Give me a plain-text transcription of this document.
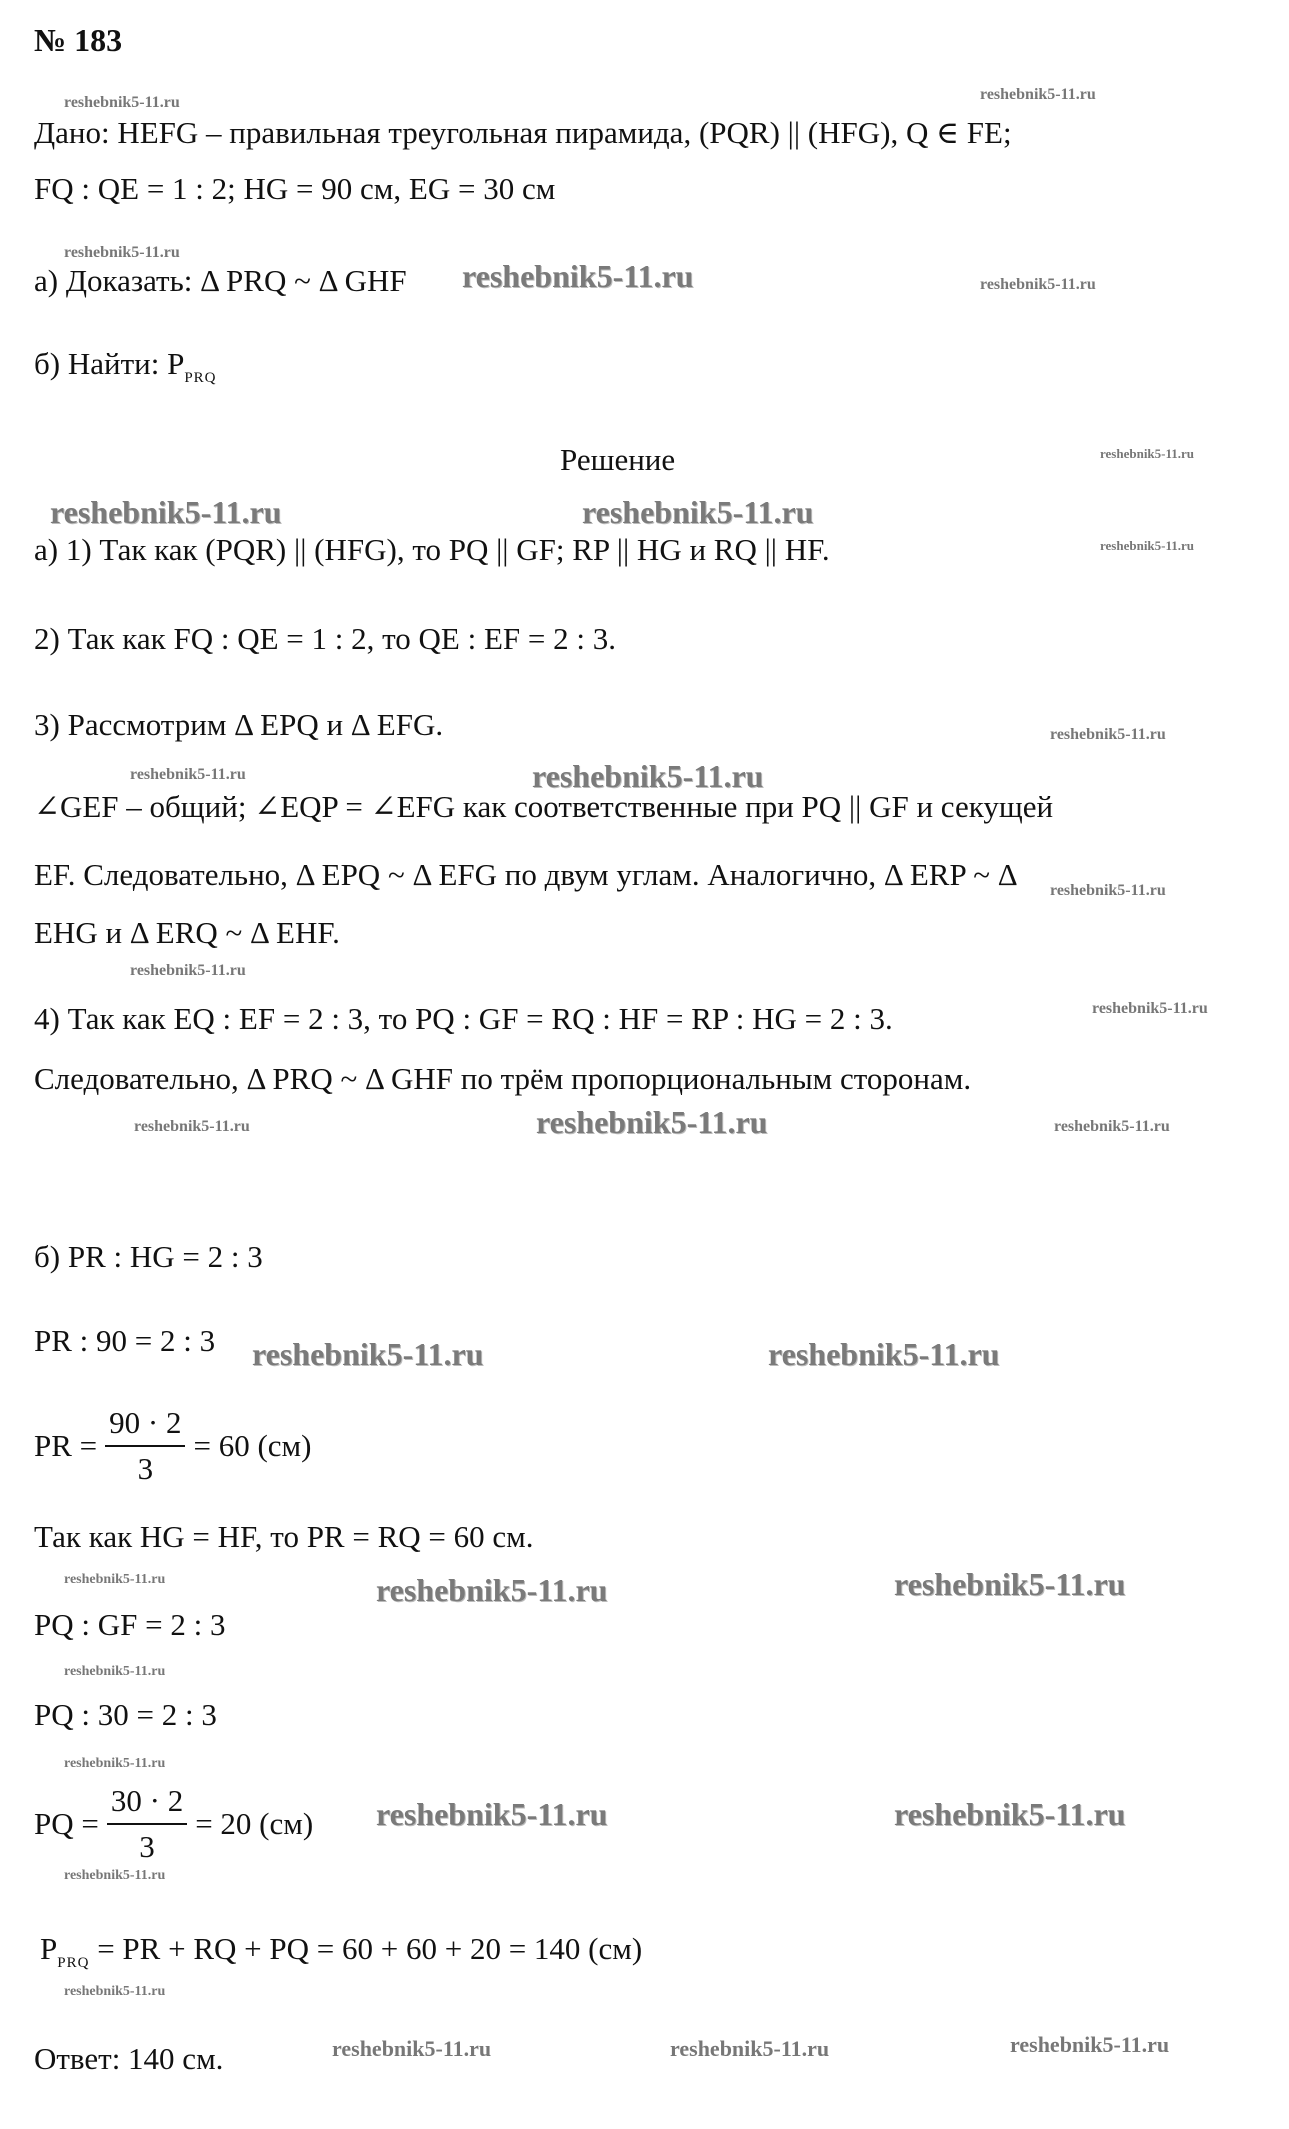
№ 183
Дано: HEFG – правильная треугольная пирамида, (PQR) || (HFG), Q ∈ FE;
FQ : QE = 1 : 2; HG = 90 см, EG = 30 см
а) Доказать: Δ PRQ ~ Δ GHF
б) Найти: $P_{PRQ}$
Решение
а) 1) Так как (PQR) || (HFG), то PQ || GF; RP || HG и RQ || HF.
2) Так как FQ : QE = 1 : 2, то QE : EF = 2 : 3.
3) Рассмотрим Δ EPQ и Δ EFG.
∠GEF – общий; ∠EQP = ∠EFG как соответственные при PQ || GF и секущей
EF. Следовательно, Δ EPQ ~ Δ EFG по двум углам. Аналогично, Δ ERP ~ Δ
EHG и Δ ERQ ~ Δ EHF.
4) Так как EQ : EF = 2 : 3, то PQ : GF = RQ : HF = RP : HG = 2 : 3.
Следовательно, Δ PRQ ~ Δ GHF по трём пропорциональным сторонам.
б) PR : HG = 2 : 3
PR : 90 = 2 : 3
PR = $\frac{90 \cdot 2}{3} = 60$ (см)
Так как HG = HF, то PR = RQ = 60 см.
PQ : GF = 2 : 3
PQ : 30 = 2 : 3
PQ = $\frac{30 \cdot 2}{3} = 20$ (см)
$P_{PRQ}$ = PR + RQ + PQ = 60 + 60 + 20 = 140 (см)
Ответ: 140 см.
reshebnik5-11.ru	reshebnik5-11.ru
reshebnik5-11.ru
reshebnik5-11.ru	reshebnik5-11.ru
reshebnik5-11.ru
reshebnik5-11.ru	reshebnik5-11.ru
reshebnik5-11.ru
reshebnik5-11.ru
reshebnik5-11.ru	reshebnik5-11.ru
reshebnik5-11.ru
reshebnik5-11.ru
reshebnik5-11.ru
reshebnik5-11.ru	reshebnik5-11.ru	reshebnik5-11.ru
reshebnik5-11.ru	reshebnik5-11.ru
reshebnik5-11.ru	reshebnik5-11.ru	reshebnik5-11.ru
reshebnik5-11.ru
reshebnik5-11.ru
reshebnik5-11.ru	reshebnik5-11.ru
reshebnik5-11.ru
reshebnik5-11.ru
reshebnik5-11.ru	reshebnik5-11.ru	reshebnik5-11.ru
